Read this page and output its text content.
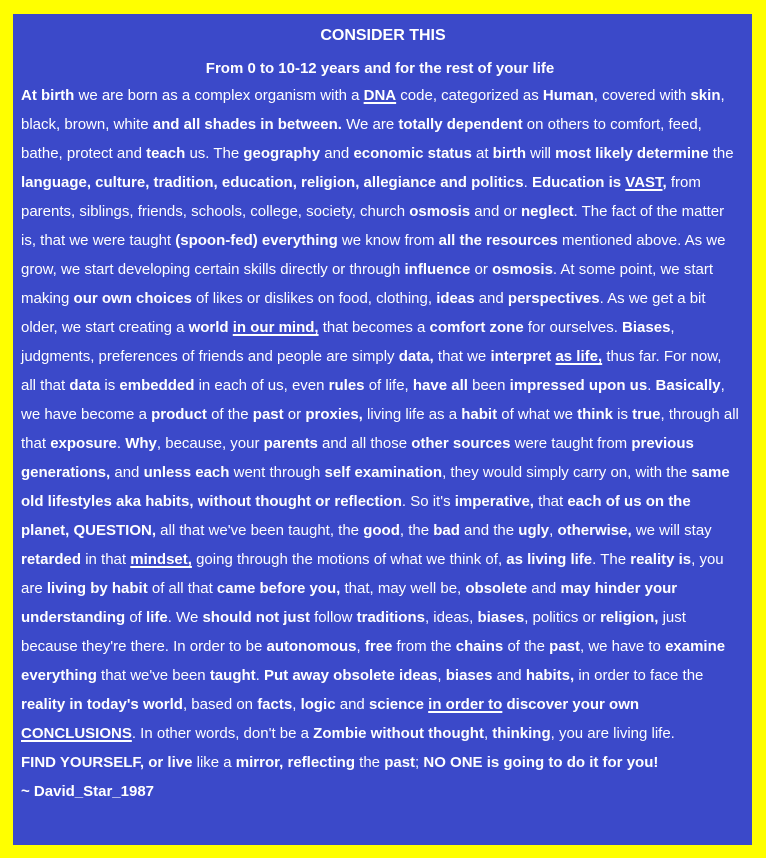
CONSIDER THIS
From 0 to 10-12 years and for the rest of your life
At birth we are born as a complex organism with a DNA code, categorized as Human, covered with skin, black, brown, white and all shades in between. We are totally dependent on others to comfort, feed, bathe, protect and teach us. The geography and economic status at birth will most likely determine the language, culture, tradition, education, religion, allegiance and politics. Education is VAST, from parents, siblings, friends, schools, college, society, church osmosis and or neglect. The fact of the matter is, that we were taught (spoon-fed) everything we know from all the resources mentioned above. As we grow, we start developing certain skills directly or through influence or osmosis. At some point, we start making our own choices of likes or dislikes on food, clothing, ideas and perspectives. As we get a bit older, we start creating a world in our mind, that becomes a comfort zone for ourselves. Biases, judgments, preferences of friends and people are simply data, that we interpret as life, thus far. For now, all that data is embedded in each of us, even rules of life, have all been impressed upon us. Basically, we have become a product of the past or proxies, living life as a habit of what we think is true, through all that exposure. Why, because, your parents and all those other sources were taught from previous generations, and unless each went through self examination, they would simply carry on, with the same old lifestyles aka habits, without thought or reflection. So it's imperative, that each of us on the planet, QUESTION, all that we've been taught, the good, the bad and the ugly, otherwise, we will stay retarded in that mindset, going through the motions of what we think of, as living life. The reality is, you are living by habit of all that came before you, that, may well be, obsolete and may hinder your understanding of life. We should not just follow traditions, ideas, biases, politics or religion, just because they're there. In order to be autonomous, free from the chains of the past, we have to examine everything that we've been taught. Put away obsolete ideas, biases and habits, in order to face the reality in today's world, based on facts, logic and science in order to discover your own CONCLUSIONS. In other words, don't be a Zombie without thought, thinking, you are living life.
FIND YOURSELF, or live like a mirror, reflecting the past; NO ONE is going to do it for you!
~ David_Star_1987
